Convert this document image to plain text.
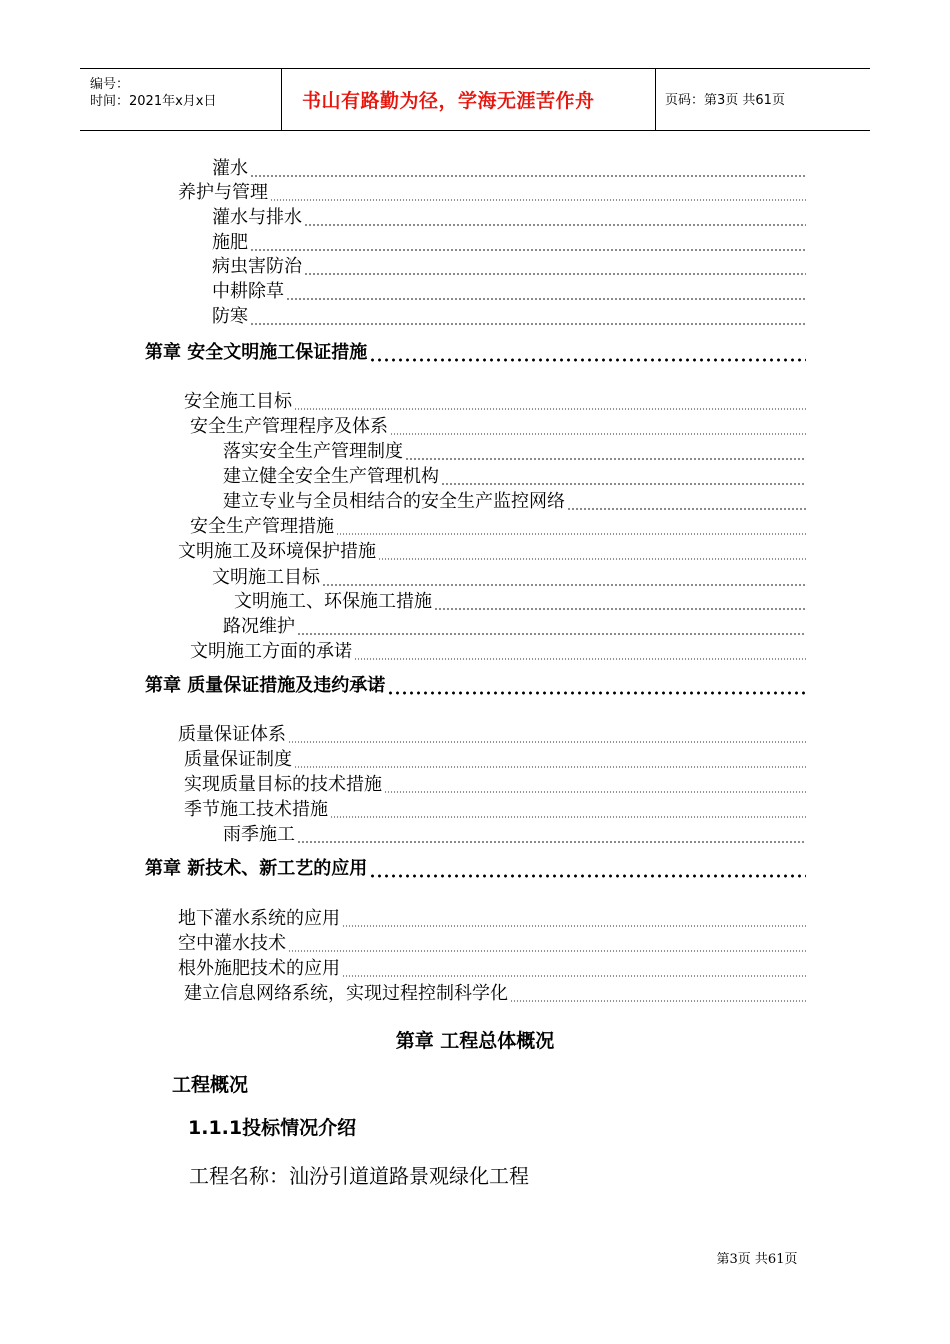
编号：
时间：2021年x月x日	书山有路勤为径，学海无涯苦作舟	页码：第3页 共61页
灌水
养护与管理
灌水与排水
施肥
病虫害防治
中耕除草
防寒
第章 安全文明施工保证措施
安全施工目标
安全生产管理程序及体系
落实安全生产管理制度
建立健全安全生产管理机构
建立专业与全员相结合的安全生产监控网络
安全生产管理措施
文明施工及环境保护措施
文明施工目标
文明施工、环保施工措施
路况维护
文明施工方面的承诺
第章 质量保证措施及违约承诺
质量保证体系
质量保证制度
实现质量目标的技术措施
季节施工技术措施
雨季施工
第章 新技术、新工艺的应用
地下灌水系统的应用
空中灌水技术
根外施肥技术的应用
建立信息网络系统，实现过程控制科学化
第章 工程总体概况
工程概况
1.1.1投标情况介绍
工程名称：汕汾引道道路景观绿化工程
第3页 共61页
